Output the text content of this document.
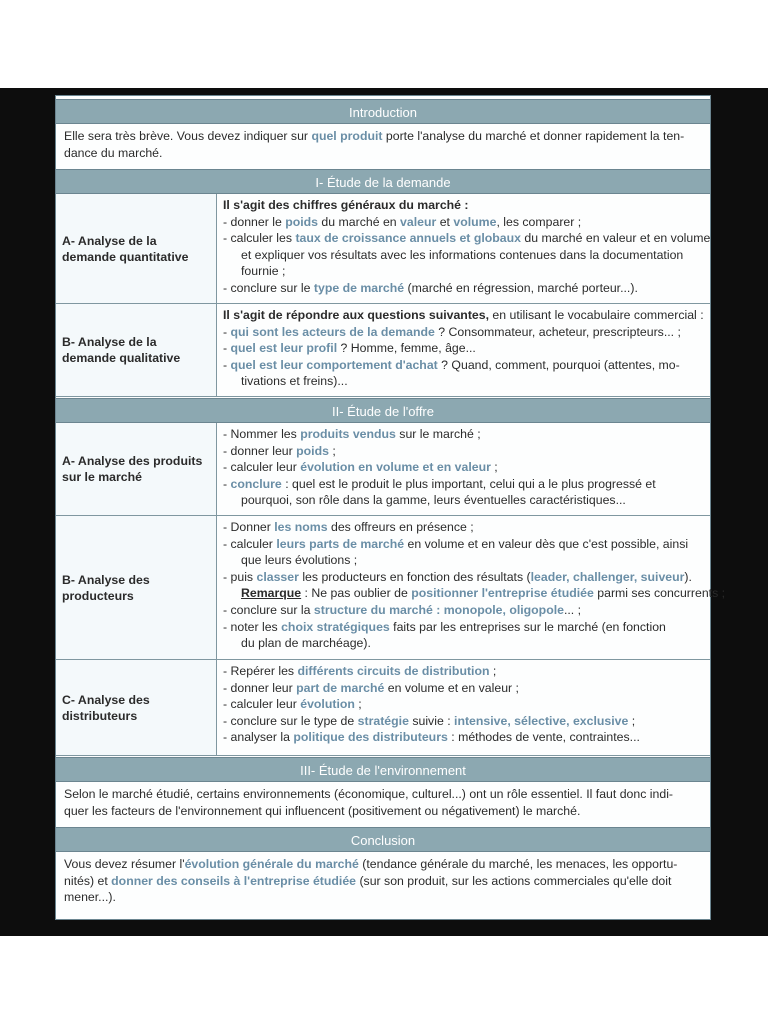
Introduction
Elle sera très brève. Vous devez indiquer sur quel produit porte l'analyse du marché et donner rapidement la ten-
dance du marché.
I- Étude de la demande
A- Analyse de la
demande quantitative
Il s'agit des chiffres généraux du marché :
- donner le poids du marché en valeur et volume, les comparer ;
- calculer les taux de croissance annuels et globaux du marché en valeur et en volume
et expliquer vos résultats avec les informations contenues dans la documentation
fournie ;
- conclure sur le type de marché (marché en régression, marché porteur...).
B- Analyse de la
demande qualitative
Il s'agit de répondre aux questions suivantes, en utilisant le vocabulaire commercial :
- qui sont les acteurs de la demande ? Consommateur, acheteur, prescripteurs... ;
- quel est leur profil ? Homme, femme, âge...
- quel est leur comportement d'achat ? Quand, comment, pourquoi (attentes, mo-
tivations et freins)...
II- Étude de l'offre
A- Analyse des produits
sur le marché
- Nommer les produits vendus sur le marché ;
- donner leur poids ;
- calculer leur évolution en volume et en valeur ;
- conclure : quel est le produit le plus important, celui qui a le plus progressé et
pourquoi, son rôle dans la gamme, leurs éventuelles caractéristiques...
B- Analyse des
producteurs
- Donner les noms des offreurs en présence ;
- calculer leurs parts de marché en volume et en valeur dès que c'est possible, ainsi
que leurs évolutions ;
- puis classer les producteurs en fonction des résultats (leader, challenger, suiveur).
Remarque : Ne pas oublier de positionner l'entreprise étudiée parmi ses concurrents ;
- conclure sur la structure du marché : monopole, oligopole... ;
- noter les choix stratégiques faits par les entreprises sur le marché (en fonction
du plan de marchéage).
C- Analyse des
distributeurs
- Repérer les différents circuits de distribution ;
- donner leur part de marché en volume et en valeur ;
- calculer leur évolution ;
- conclure sur le type de stratégie suivie : intensive, sélective, exclusive ;
- analyser la politique des distributeurs : méthodes de vente, contraintes...
III- Étude de l'environnement
Selon le marché étudié, certains environnements (économique, culturel...) ont un rôle essentiel. Il faut donc indi-
quer les facteurs de l'environnement qui influencent (positivement ou négativement) le marché.
Conclusion
Vous devez résumer l'évolution générale du marché (tendance générale du marché, les menaces, les opportu-
nités) et donner des conseils à l'entreprise étudiée (sur son produit, sur les actions commerciales qu'elle doit
mener...).
